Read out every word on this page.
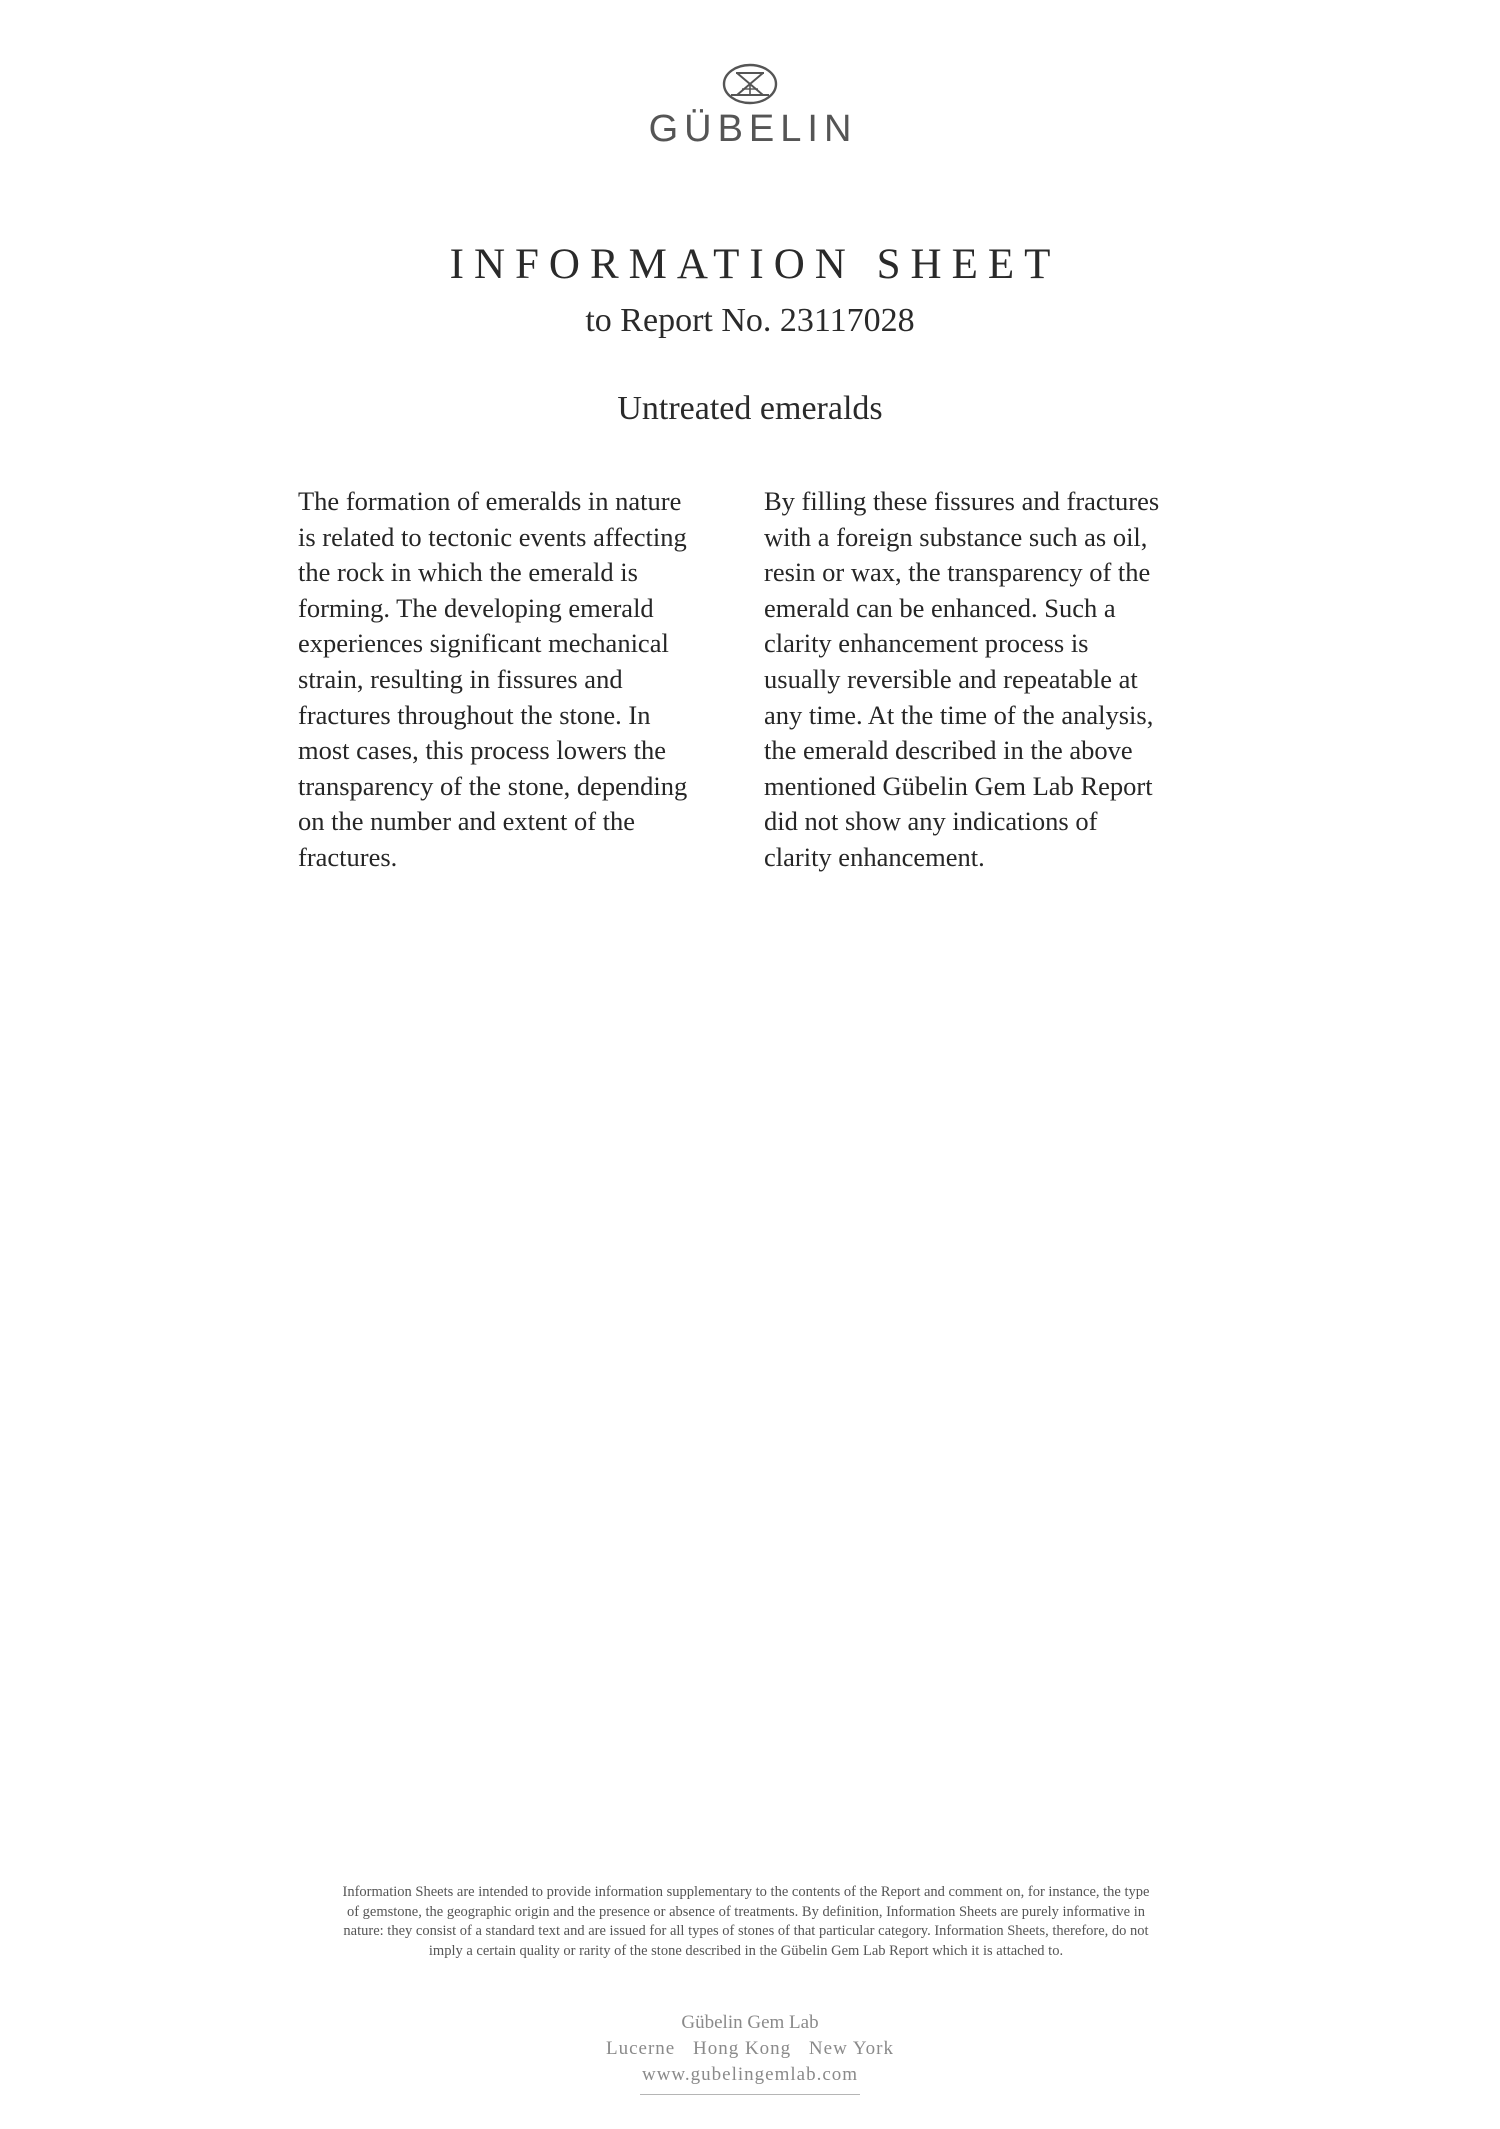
GÜBELIN
INFORMATION SHEET
to Report No. 23117028
Untreated emeralds
The formation of emeralds in nature
is related to tectonic events affecting
the rock in which the emerald is
forming. The developing emerald
experiences significant mechanical
strain, resulting in fissures and
fractures throughout the stone. In
most cases, this process lowers the
transparency of the stone, depending
on the number and extent of the
fractures.
By filling these fissures and fractures
with a foreign substance such as oil,
resin or wax, the transparency of the
emerald can be enhanced. Such a
clarity enhancement process is
usually reversible and repeatable at
any time. At the time of the analysis,
the emerald described in the above
mentioned Gübelin Gem Lab Report
did not show any indications of
clarity enhancement.
Information Sheets are intended to provide information supplementary to the contents of the Report and comment on, for instance, the type
of gemstone, the geographic origin and the presence or absence of treatments. By definition, Information Sheets are purely informative in
nature: they consist of a standard text and are issued for all types of stones of that particular category. Information Sheets, therefore, do not
imply a certain quality or rarity of the stone described in the Gübelin Gem Lab Report which it is attached to.
Gübelin Gem Lab
Lucerne Hong Kong New York
www.gubelingemlab.com
